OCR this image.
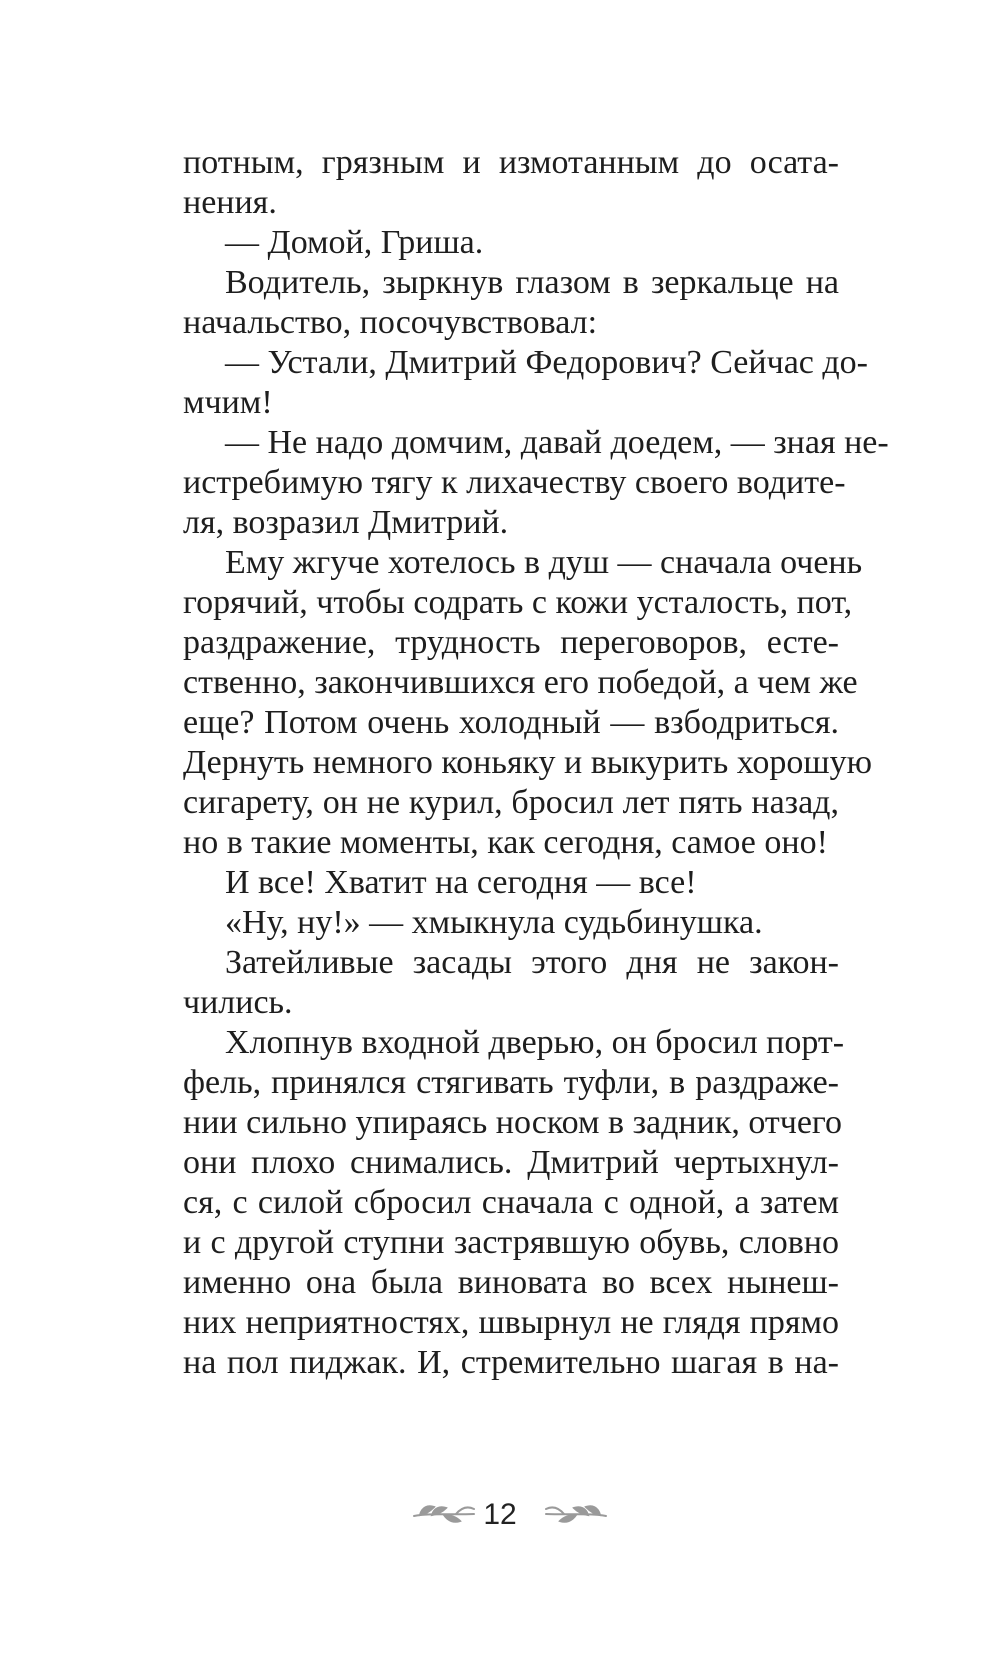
потным, грязным и измотанным до осата-
нения.
— Домой, Гриша.
Водитель, зыркнув глазом в зеркальце на
начальство, посочувствовал:
— Устали, Дмитрий Федорович? Сейчас до-
мчим!
— Не надо домчим, давай доедем, — зная не-
истребимую тягу к лихачеству своего водите-
ля, возразил Дмитрий.
Ему жгуче хотелось в душ — сначала очень
горячий, чтобы содрать с кожи усталость, пот,
раздражение, трудность переговоров, есте-
ственно, закончившихся его победой, а чем же
еще? Потом очень холодный — взбодриться.
Дернуть немного коньяку и выкурить хорошую
сигарету, он не курил, бросил лет пять назад,
но в такие моменты, как сегодня, самое оно!
И все! Хватит на сегодня — все!
«Ну, ну!» — хмыкнула судьбинушка.
Затейливые засады этого дня не закон-
чились.
Хлопнув входной дверью, он бросил порт-
фель, принялся стягивать туфли, в раздраже-
нии сильно упираясь носком в задник, отчего
они плохо снимались. Дмитрий чертыхнул-
ся, с силой сбросил сначала с одной, а затем
и с другой ступни застрявшую обувь, словно
именно она была виновата во всех нынеш-
них неприятностях, швырнул не глядя прямо
на пол пиджак. И, стремительно шагая в на-
12
